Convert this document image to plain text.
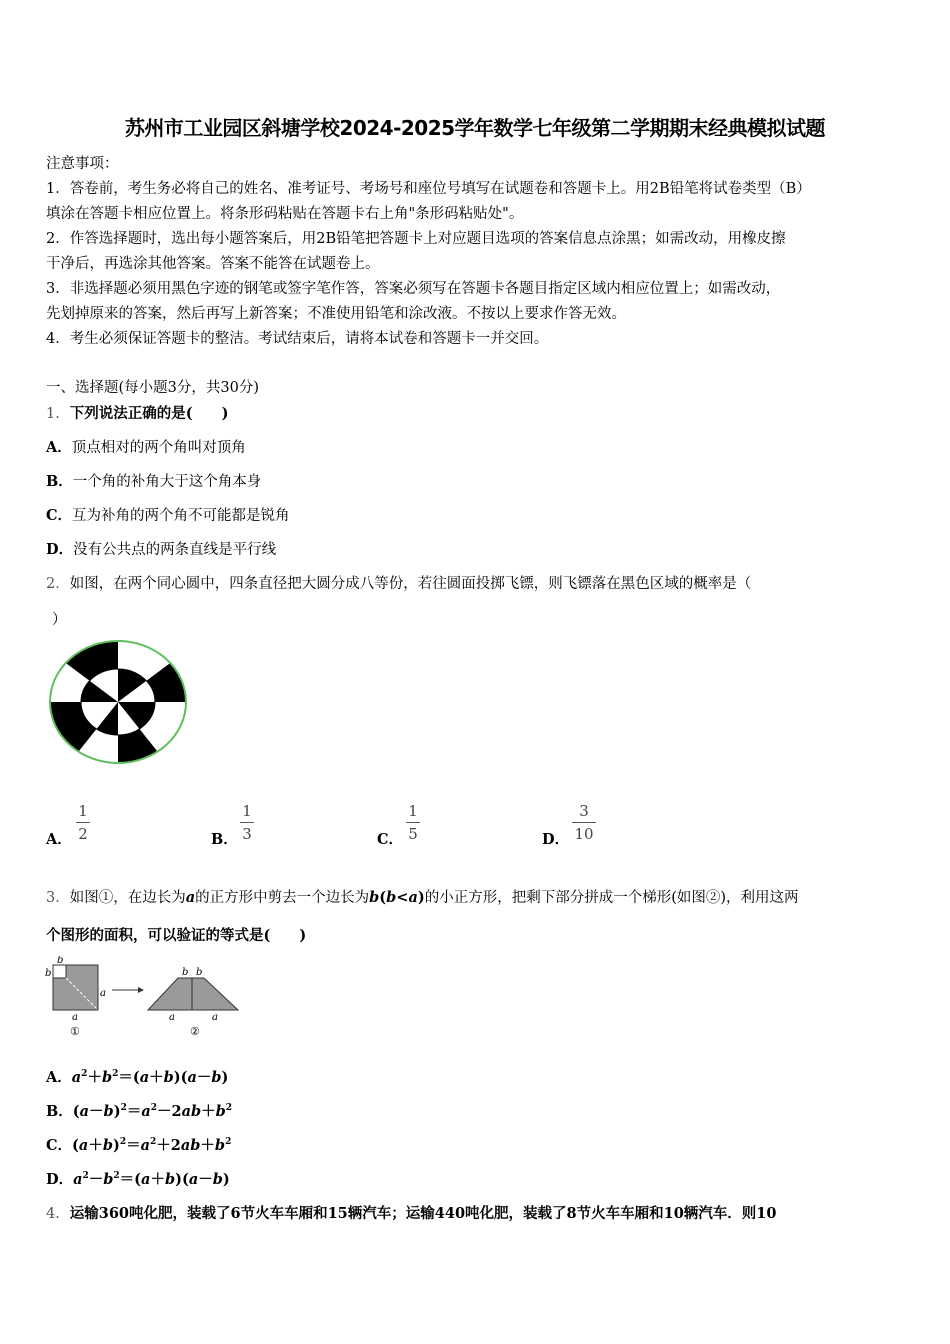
苏州市工业园区斜塘学校2024-2025学年数学七年级第二学期期末经典模拟试题
注意事项：
1．答卷前，考生务必将自己的姓名、准考证号、考场号和座位号填写在试题卷和答题卡上。用2B铅笔将试卷类型（B）
填涂在答题卡相应位置上。将条形码粘贴在答题卡右上角"条形码粘贴处"。
2．作答选择题时，选出每小题答案后，用2B铅笔把答题卡上对应题目选项的答案信息点涂黑；如需改动，用橡皮擦
干净后，再选涂其他答案。答案不能答在试题卷上。
3．非选择题必须用黑色字迹的钢笔或签字笔作答，答案必须写在答题卡各题目指定区域内相应位置上；如需改动，
先划掉原来的答案，然后再写上新答案；不准使用铅笔和涂改液。不按以上要求作答无效。
4．考生必须保证答题卡的整洁。考试结束后，请将本试卷和答题卡一并交回。
一、选择题(每小题3分，共30分)
1．下列说法正确的是(　　)
A．顶点相对的两个角叫对顶角
B．一个角的补角大于这个角本身
C．互为补角的两个角不可能都是锐角
D．没有公共点的两条直线是平行线
2．如图，在两个同心圆中，四条直径把大圆分成八等份，若往圆面投掷飞镖，则飞镖落在黑色区域的概率是（
）
A．
1
2	B．
1
3	C．
1
5	D．
3
10
3．如图①，在边长为a的正方形中剪去一个边长为b(b<a)的小正方形，把剩下部分拼成一个梯形(如图②)，利用这两
个图形的面积，可以验证的等式是(　　)
b
b
a
a
①
b b
a	a
②
A．$a^2+b^2=(a+b)(a-b)$
B．$(a-b)^2=a^2-2ab+b^2$
C．$(a+b)^2=a^2+2ab+b^2$
D．$a^2-b^2=(a+b)(a-b)$
4．运输360吨化肥，装载了6节火车车厢和15辆汽车；运输440吨化肥，装载了8节火车车厢和10辆汽车．则10
